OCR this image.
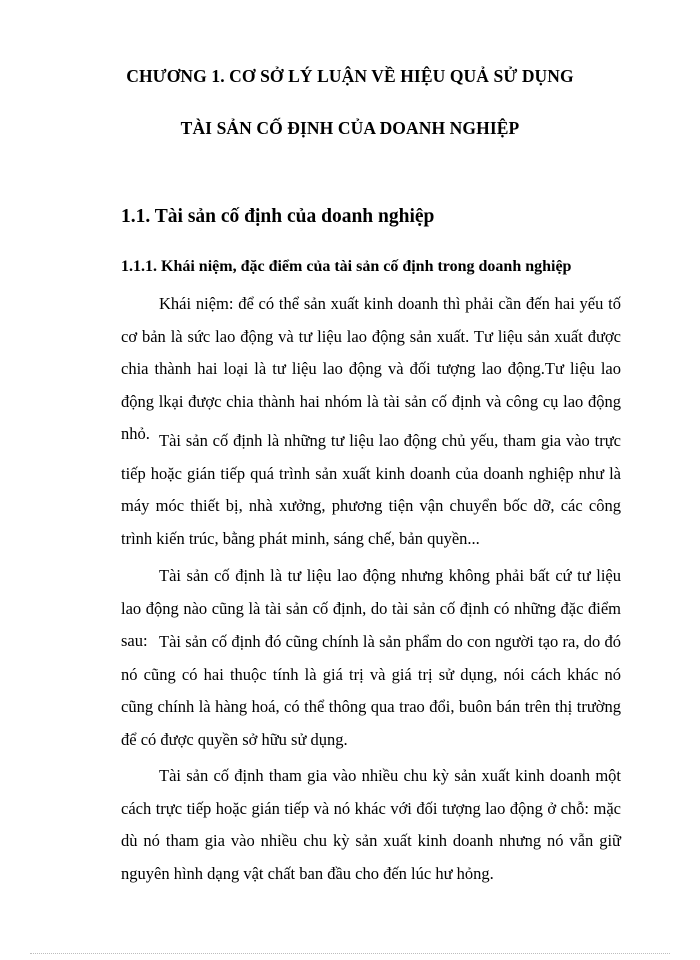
CHƯƠNG 1. CƠ SỞ LÝ LUẬN VỀ HIỆU QUẢ SỬ DỤNG
TÀI SẢN CỐ ĐỊNH CỦA DOANH NGHIỆP
1.1. Tài sản cố định của doanh nghiệp
1.1.1. Khái niệm, đặc điểm của tài sản cố định trong doanh nghiệp

Khái niệm: để có thể sản xuất kinh doanh thì phải cần đến hai yếu tố cơ bản là sức lao động và tư liệu lao động sản xuất. Tư liệu sản xuất được chia thành hai loại là tư liệu lao động và đối tượng lao động.Tư liệu lao động lkại được chia thành hai nhóm là tài sản cố định và công cụ lao động nhỏ. Tài sản cố định là những tư liệu lao động chủ yếu, tham gia vào trực tiếp hoặc gián tiếp quá trình sản xuất kinh doanh của doanh nghiệp như là máy móc thiết bị, nhà xưởng, phương tiện vận chuyển bốc dỡ, các công trình kiến trúc, bằng phát minh, sáng chế, bản quyền...

Tài sản cố định là tư liệu lao động nhưng không phải bất cứ tư liệu lao động nào cũng là tài sản cố định, do tài sản cố định có những đặc điểm sau: Tài sản cố định đó cũng chính là sản phẩm do con người tạo ra, do đó nó cũng có hai thuộc tính là giá trị và giá trị sử dụng, nói cách khác nó cũng chính là hàng hoá, có thể thông qua trao đổi, buôn bán trên thị trường để có được quyền sở hữu sử dụng.

Tài sản cố định tham gia vào nhiều chu kỳ sản xuất kinh doanh một cách trực tiếp hoặc gián tiếp và nó khác với đối tượng lao động ở chỗ: mặc dù nó tham gia vào nhiều chu kỳ sản xuất kinh doanh nhưng nó vẫn giữ nguyên hình dạng vật chất ban đầu cho đến lúc hư hỏng.
